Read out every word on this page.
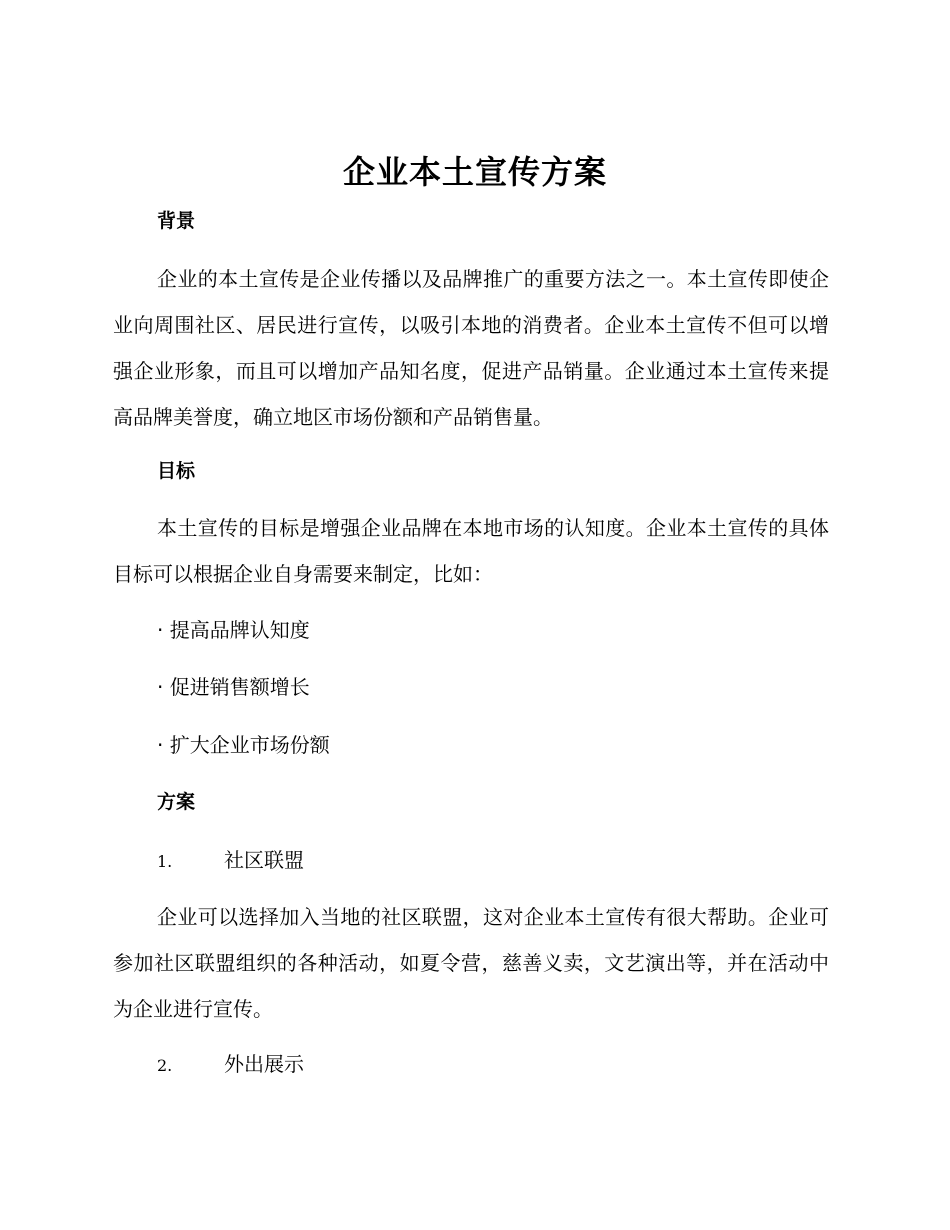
企业本土宣传方案
背景
企业的本土宣传是企业传播以及品牌推广的重要方法之一。本土宣传即使企业向周围社区、居民进行宣传，以吸引本地的消费者。企业本土宣传不但可以增强企业形象，而且可以增加产品知名度，促进产品销量。企业通过本土宣传来提高品牌美誉度，确立地区市场份额和产品销售量。
目标
本土宣传的目标是增强企业品牌在本地市场的认知度。企业本土宣传的具体目标可以根据企业自身需要来制定，比如：
· 提高品牌认知度
· 促进销售额增长
· 扩大企业市场份额
方案
1.	社区联盟
企业可以选择加入当地的社区联盟，这对企业本土宣传有很大帮助。企业可参加社区联盟组织的各种活动，如夏令营，慈善义卖，文艺演出等，并在活动中为企业进行宣传。
2.	外出展示
